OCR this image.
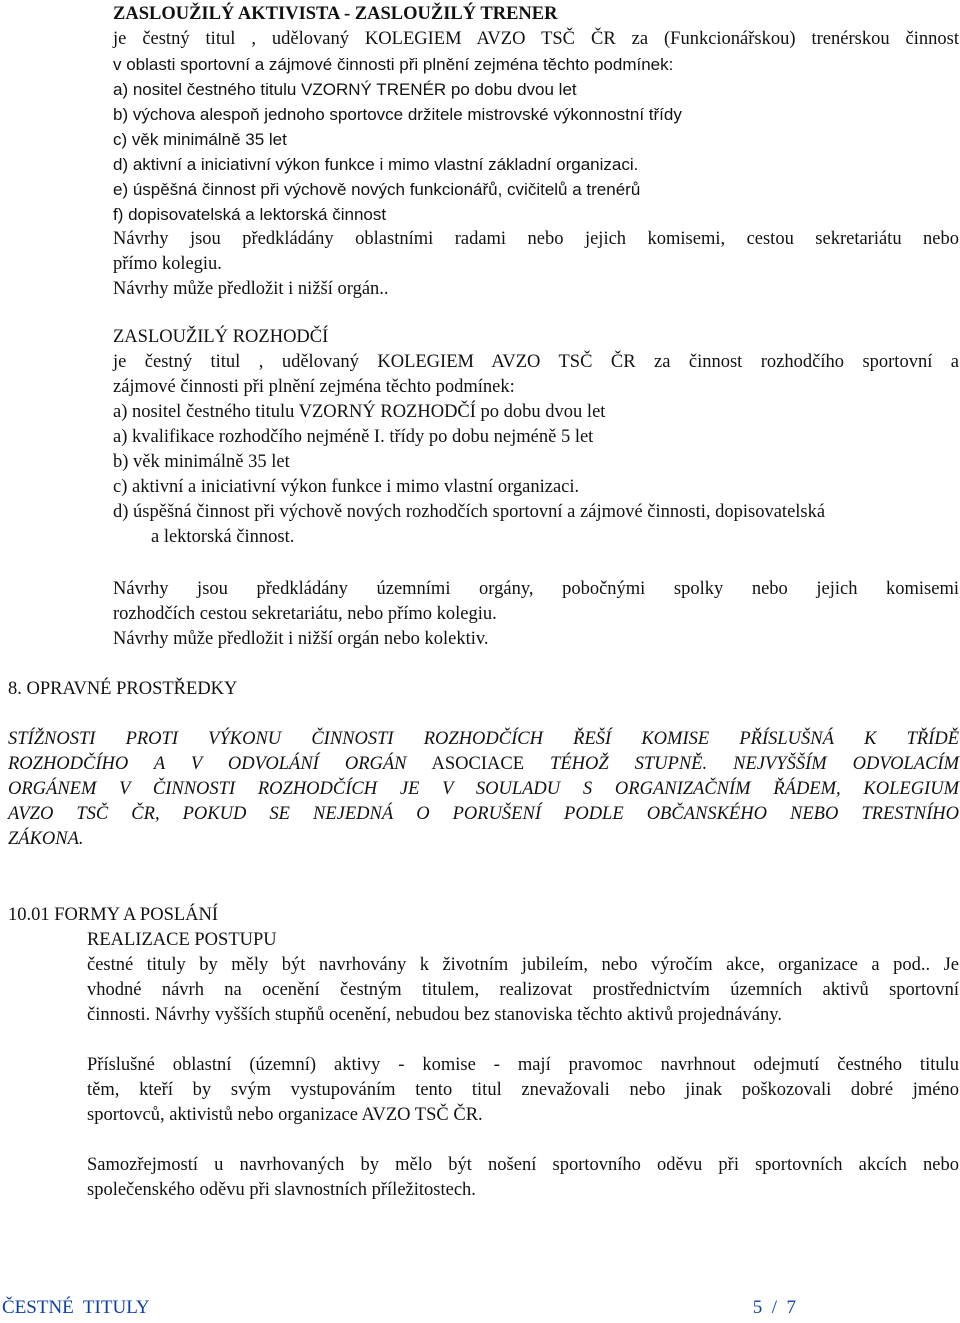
ZASLOUŽILÝ AKTIVISTA - ZASLOUŽILÝ TRENER
je čestný titul , udělovaný KOLEGIEM AVZO TSČ ČR za (Funkcionářskou) trenérskou činnost
v oblasti sportovní a zájmové činnosti při plnění zejména těchto podmínek:
a) nositel čestného titulu VZORNÝ TRENÉR po dobu dvou let
b) výchova alespoň jednoho sportovce držitele mistrovské výkonnostní třídy
c) věk minimálně 35 let
d) aktivní a iniciativní výkon funkce i mimo vlastní základní organizaci.
e) úspěšná činnost při výchově nových funkcionářů, cvičitelů a trenérů
f) dopisovatelská a lektorská činnost
Návrhy jsou předkládány oblastními radami nebo jejich komisemi, cestou sekretariátu nebo
přímo kolegiu.
Návrhy může předložit i nižší orgán..
ZASLOUŽILÝ ROZHODČÍ
je čestný titul , udělovaný KOLEGIEM AVZO TSČ ČR za činnost rozhodčího sportovní a
zájmové činnosti při plnění zejména těchto podmínek:
a) nositel čestného titulu VZORNÝ ROZHODČÍ po dobu dvou let
a) kvalifikace rozhodčího nejméně I. třídy po dobu nejméně 5 let
b) věk minimálně 35 let
c) aktivní a iniciativní výkon funkce i mimo vlastní organizaci.
d) úspěšná činnost při výchově nových rozhodčích sportovní a zájmové činnosti, dopisovatelská
a lektorská činnost.
Návrhy jsou předkládány územními orgány, pobočnými spolky nebo jejich komisemi
rozhodčích cestou sekretariátu, nebo přímo kolegiu.
Návrhy může předložit i nižší orgán nebo kolektiv.
8. OPRAVNÉ PROSTŘEDKY
STÍŽNOSTI PROTI VÝKONU ČINNOSTI ROZHODČÍCH ŘEŠÍ KOMISE PŘÍSLUŠNÁ K TŘÍDĚ
ROZHODČÍHO A V ODVOLÁNÍ ORGÁN ASOCIACE TÉHOŽ STUPNĚ. NEJVYŠŠÍM ODVOLACÍM
ORGÁNEM V ČINNOSTI ROZHODČÍCH JE V SOULADU S ORGANIZAČNÍM ŘÁDEM, KOLEGIUM
AVZO TSČ ČR, POKUD SE NEJEDNÁ O PORUŠENÍ PODLE OBČANSKÉHO NEBO TRESTNÍHO
ZÁKONA.
10.01 FORMY A POSLÁNÍ
REALIZACE POSTUPU
čestné tituly by měly být navrhovány k životním jubileím, nebo výročím akce, organizace a pod.. Je
vhodné návrh na ocenění čestným titulem, realizovat prostřednictvím územních aktivů sportovní
činnosti. Návrhy vyšších stupňů ocenění, nebudou bez stanoviska těchto aktivů projednávány.
Příslušné oblastní (územní) aktivy - komise - mají pravomoc navrhnout odejmutí čestného titulu
těm, kteří by svým vystupováním tento titul znevažovali nebo jinak poškozovali dobré jméno
sportovců, aktivistů nebo organizace AVZO TSČ ČR.
Samozřejmostí u navrhovaných by mělo být nošení sportovního oděvu při sportovních akcích nebo
společenského oděvu při slavnostních příležitostech.
ČESTNÉ  TITULY	5  /  7
